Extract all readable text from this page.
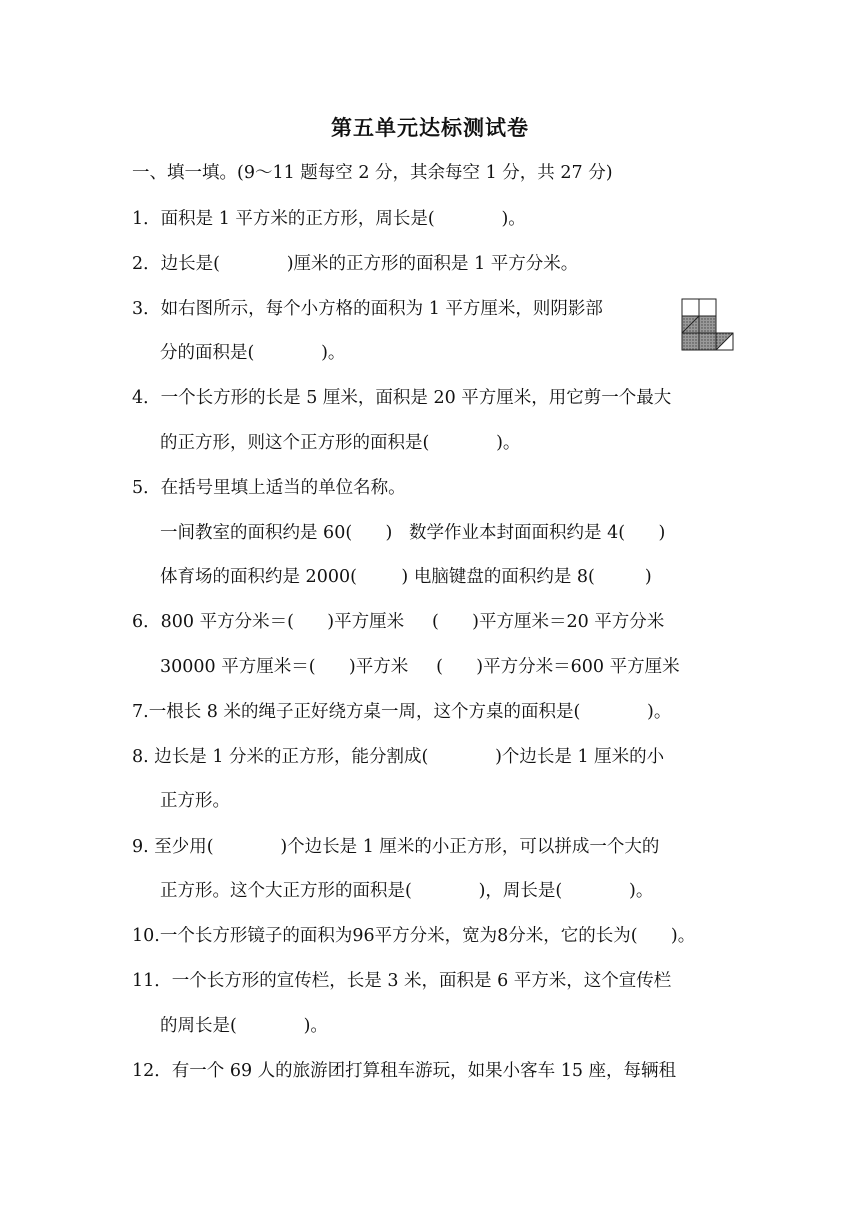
第五单元达标测试卷
一、填一填。(9～11 题每空 2 分，其余每空 1 分，共 27 分)
1．面积是 1 平方米的正方形，周长是(            )。
2．边长是(            )厘米的正方形的面积是 1 平方分米。
3．如右图所示，每个小方格的面积为 1 平方厘米，则阴影部
分的面积是(            )。
4．一个长方形的长是 5 厘米，面积是 20 平方厘米，用它剪一个最大
的正方形，则这个正方形的面积是(            )。
5．在括号里填上适当的单位名称。
一间教室的面积约是 60(      )   数学作业本封面面积约是 4(      )
体育场的面积约是 2000(        ) 电脑键盘的面积约是 8(         )
6．800 平方分米＝(      )平方厘米     (      )平方厘米＝20 平方分米
30000 平方厘米＝(      )平方米     (      )平方分米＝600 平方厘米
7.一根长 8 米的绳子正好绕方桌一周，这个方桌的面积是(            )。
8. 边长是 1 分米的正方形，能分割成(            )个边长是 1 厘米的小
正方形。
9. 至少用(            )个边长是 1 厘米的小正方形，可以拼成一个大的
正方形。这个大正方形的面积是(            )，周长是(            )。
10.一个长方形镜子的面积为96平方分米，宽为8分米，它的长为(      )。
11．一个长方形的宣传栏，长是 3 米，面积是 6 平方米，这个宣传栏
的周长是(            )。
12．有一个 69 人的旅游团打算租车游玩，如果小客车 15 座，每辆租
